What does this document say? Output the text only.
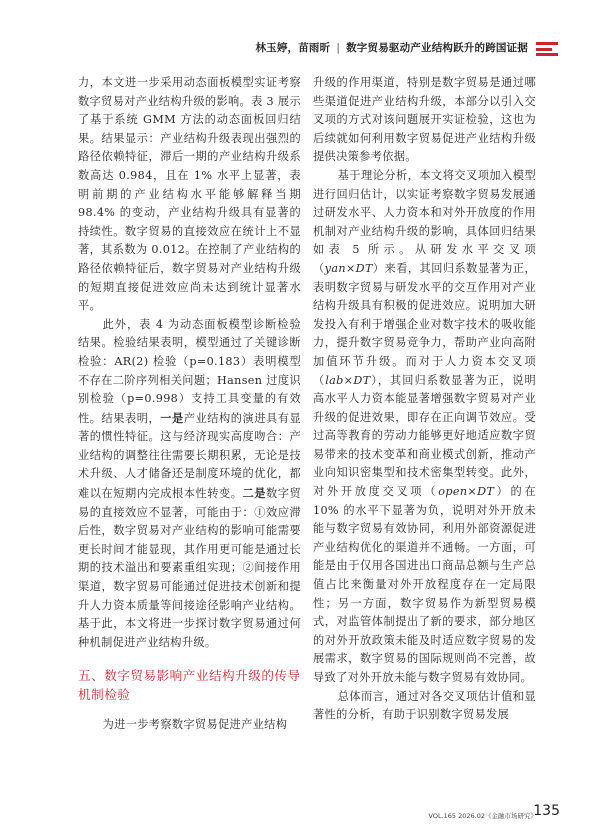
林玉婷，苗雨昕 | 数字贸易驱动产业结构跃升的跨国证据

力，本文进一步采用动态面板模型实证考察数字贸易对产业结构升级的影响。表 3 展示了基于系统 GMM 方法的动态面板回归结果。结果显示：产业结构升级表现出强烈的路径依赖特征，滞后一期的产业结构升级系数高达 0.984，且在 1% 水平上显著，表明前期的产业结构水平能够解释当期 98.4% 的变动，产业结构升级具有显著的持续性。数字贸易的直接效应在统计上不显著，其系数为 0.012。在控制了产业结构的路径依赖特征后，数字贸易对产业结构升级的短期直接促进效应尚未达到统计显著水平。

此外，表 4 为动态面板模型诊断检验结果。检验结果表明，模型通过了关键诊断检验：AR(2) 检验（p=0.183）表明模型不存在二阶序列相关问题；Hansen 过度识别检验（p=0.998）支持工具变量的有效性。结果表明，一是产业结构的演进具有显著的惯性特征。这与经济现实高度吻合：产业结构的调整往往需要长期积累，无论是技术升级、人才储备还是制度环境的优化，都难以在短期内完成根本性转变。二是数字贸易的直接效应不显著，可能由于：①效应滞后性，数字贸易对产业结构的影响可能需要更长时间才能显现，其作用更可能是通过长期的技术溢出和要素重组实现；②间接作用渠道，数字贸易可能通过促进技术创新和提升人力资本质量等间接途径影响产业结构。基于此，本文将进一步探讨数字贸易通过何种机制促进产业结构升级。

五、数字贸易影响产业结构升级的传导机制检验

为进一步考察数字贸易促进产业结构

升级的作用渠道，特别是数字贸易是通过哪些渠道促进产业结构升级，本部分以引入交叉项的方式对该问题展开实证检验，这也为后续就如何利用数字贸易促进产业结构升级提供决策参考依据。

基于理论分析，本文将交叉项加入模型进行回归估计，以实证考察数字贸易发展通过研发水平、人力资本和对外开放度的作用机制对产业结构升级的影响，具体回归结果如表 5 所示。从研发水平交叉项（yan×DT）来看，其回归系数显著为正，表明数字贸易与研发水平的交互作用对产业结构升级具有积极的促进效应。说明加大研发投入有利于增强企业对数字技术的吸收能力，提升数字贸易竞争力，帮助产业向高附加值环节升级。而对于人力资本交叉项（lab×DT），其回归系数显著为正，说明高水平人力资本能显著增强数字贸易对产业升级的促进效果，即存在正向调节效应。受过高等教育的劳动力能够更好地适应数字贸易带来的技术变革和商业模式创新，推动产业向知识密集型和技术密集型转变。此外，对外开放度交叉项（open×DT）的在 10% 的水平下显著为负，说明对外开放未能与数字贸易有效协同，利用外部资源促进产业结构优化的渠道并不通畅。一方面，可能是由于仅用各国进出口商品总额与生产总值占比来衡量对外开放程度存在一定局限性；另一方面，数字贸易作为新型贸易模式，对监管体制提出了新的要求，部分地区的对外开放政策未能及时适应数字贸易的发展需求，数字贸易的国际规则尚不完善，故导致了对外开放未能与数字贸易有效协同。

总体而言，通过对各交叉项估计值和显著性的分析，有助于识别数字贸易发展

VOL.165 2026.02《金融市场研究》
135
